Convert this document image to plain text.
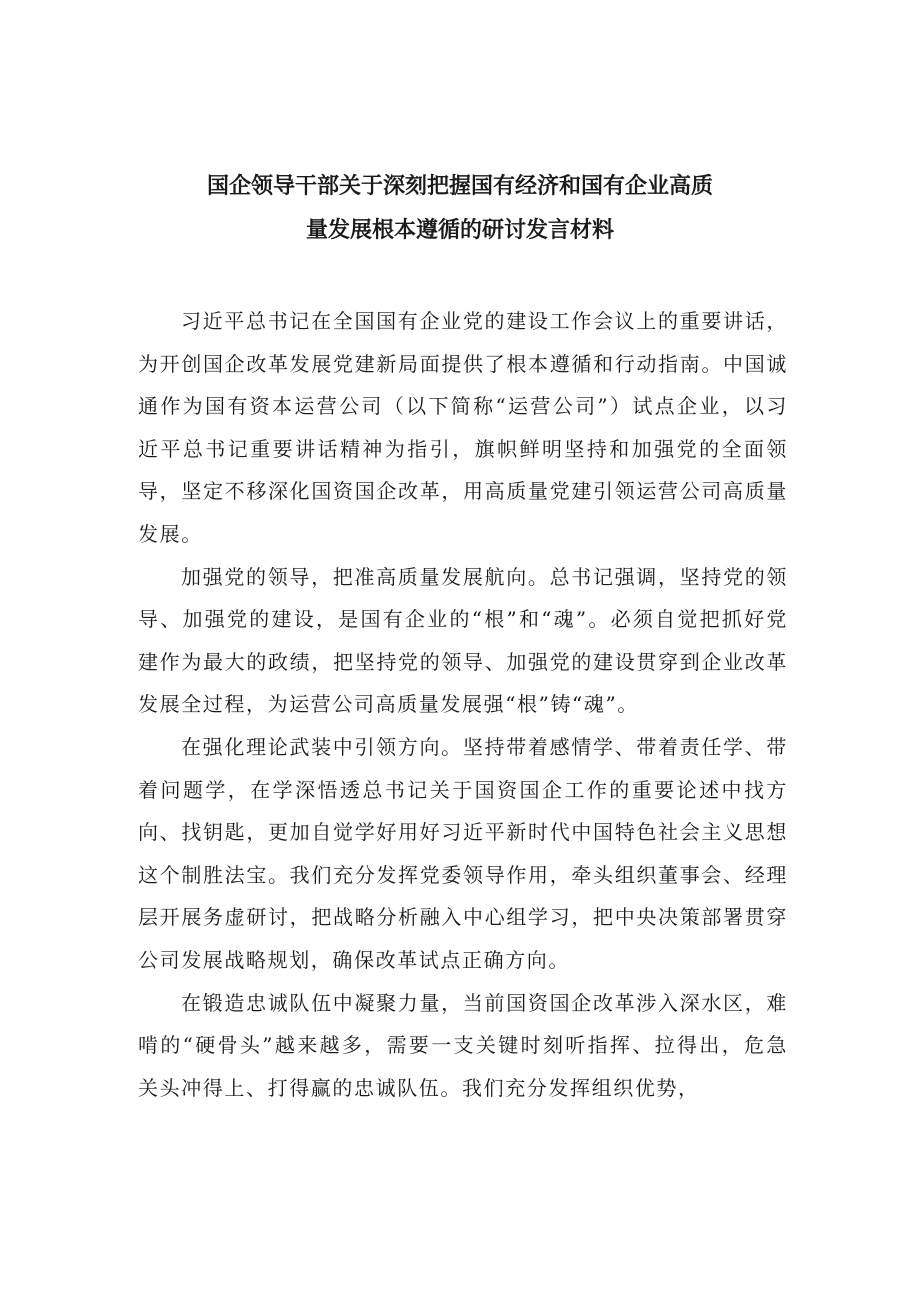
国企领导干部关于深刻把握国有经济和国有企业高质
量发展根本遵循的研讨发言材料

习近平总书记在全国国有企业党的建设工作会议上的重要讲话，为开创国企改革发展党建新局面提供了根本遵循和行动指南。中国诚通作为国有资本运营公司（以下简称“运营公司”）试点企业，以习近平总书记重要讲话精神为指引，旗帜鲜明坚持和加强党的全面领导，坚定不移深化国资国企改革，用高质量党建引领运营公司高质量发展。

加强党的领导，把准高质量发展航向。总书记强调，坚持党的领导、加强党的建设，是国有企业的“根”和“魂”。必须自觉把抓好党建作为最大的政绩，把坚持党的领导、加强党的建设贯穿到企业改革发展全过程，为运营公司高质量发展强“根”铸“魂”。

在强化理论武装中引领方向。坚持带着感情学、带着责任学、带着问题学，在学深悟透总书记关于国资国企工作的重要论述中找方向、找钥匙，更加自觉学好用好习近平新时代中国特色社会主义思想这个制胜法宝。我们充分发挥党委领导作用，牵头组织董事会、经理层开展务虚研讨，把战略分析融入中心组学习，把中央决策部署贯穿公司发展战略规划，确保改革试点正确方向。

在锻造忠诚队伍中凝聚力量，当前国资国企改革涉入深水区，难啃的“硬骨头”越来越多，需要一支关键时刻听指挥、拉得出，危急关头冲得上、打得赢的忠诚队伍。我们充分发挥组织优势，
